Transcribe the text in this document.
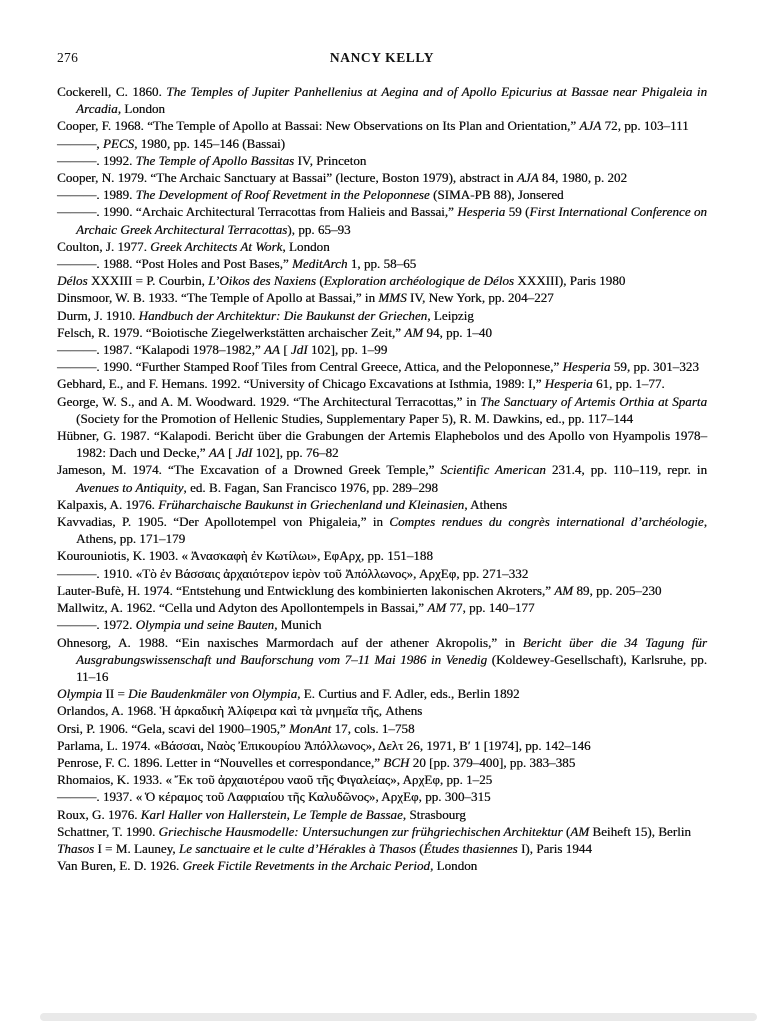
NANCY KELLY
276

Cockerell, C. 1860. The Temples of Jupiter Panhellenius at Aegina and of Apollo Epicurius at Bassae near Phigaleia in Arcadia, London

Cooper, F. 1968. “The Temple of Apollo at Bassai: New Observations on Its Plan and Orientation,” AJA 72, pp. 103–111

———, PECS, 1980, pp. 145–146 (Bassai)

———. 1992. The Temple of Apollo Bassitas IV, Princeton

Cooper, N. 1979. “The Archaic Sanctuary at Bassai” (lecture, Boston 1979), abstract in AJA 84, 1980, p. 202

———. 1989. The Development of Roof Revetment in the Peloponnese (SIMA-PB 88), Jonsered

———. 1990. “Archaic Architectural Terracottas from Halieis and Bassai,” Hesperia 59 (First International Conference on Archaic Greek Architectural Terracottas), pp. 65–93

Coulton, J. 1977. Greek Architects At Work, London

———. 1988. “Post Holes and Post Bases,” MeditArch 1, pp. 58–65

Délos XXXIII = P. Courbin, L’Oikos des Naxiens (Exploration archéologique de Délos XXXIII), Paris 1980

Dinsmoor, W. B. 1933. “The Temple of Apollo at Bassai,” in MMS IV, New York, pp. 204–227

Durm, J. 1910. Handbuch der Architektur: Die Baukunst der Griechen, Leipzig

Felsch, R. 1979. “Boiotische Ziegelwerkstätten archaischer Zeit,” AM 94, pp. 1–40

———. 1987. “Kalapodi 1978–1982,” AA [ JdI 102], pp. 1–99

———. 1990. “Further Stamped Roof Tiles from Central Greece, Attica, and the Peloponnese,” Hesperia 59, pp. 301–323

Gebhard, E., and F. Hemans. 1992. “University of Chicago Excavations at Isthmia, 1989: I,” Hesperia 61, pp. 1–77.

George, W. S., and A. M. Woodward. 1929. “The Architectural Terracottas,” in The Sanctuary of Artemis Orthia at Sparta (Society for the Promotion of Hellenic Studies, Supplementary Paper 5), R. M. Dawkins, ed., pp. 117–144

Hübner, G. 1987. “Kalapodi. Bericht über die Grabungen der Artemis Elaphebolos und des Apollo von Hyampolis 1978–1982: Dach und Decke,” AA [ JdI 102], pp. 76–82

Jameson, M. 1974. “The Excavation of a Drowned Greek Temple,” Scientific American 231.4, pp. 110–119, repr. in Avenues to Antiquity, ed. B. Fagan, San Francisco 1976, pp. 289–298

Kalpaxis, A. 1976. Früharchaische Baukunst in Griechenland und Kleinasien, Athens

Kavvadias, P. 1905. “Der Apollotempel von Phigaleia,” in Comptes rendues du congrès international d’archéologie, Athens, pp. 171–179

Kourouniotis, K. 1903. « Ἀνασκαφὴ ἐν Κωτίλωι», ΕφΑρχ, pp. 151–188

———. 1910. «Τὸ ἐν Βάσσαις ἀρχαιότερον ἱερὸν τοῦ Ἀπόλλωνος», ΑρχΕφ, pp. 271–332

Lauter-Bufè, H. 1974. “Entstehung und Entwicklung des kombinierten lakonischen Akroters,” AM 89, pp. 205–230

Mallwitz, A. 1962. “Cella und Adyton des Apollontempels in Bassai,” AM 77, pp. 140–177

———. 1972. Olympia und seine Bauten, Munich

Ohnesorg, A. 1988. “Ein naxisches Marmordach auf der athener Akropolis,” in Bericht über die 34 Tagung für Ausgrabungswissenschaft und Bauforschung vom 7–11 Mai 1986 in Venedig (Koldewey-Gesellschaft), Karlsruhe, pp. 11–16

Olympia II = Die Baudenkmäler von Olympia, E. Curtius and F. Adler, eds., Berlin 1892

Orlandos, A. 1968. Ἡ ἀρκαδικὴ Ἀλίφειρα καὶ τὰ μνημεῖα τῆς, Athens

Orsi, P. 1906. “Gela, scavi del 1900–1905,” MonAnt 17, cols. 1–758

Parlama, L. 1974. «Βάσσαι, Ναὸς Ἐπικουρίου Ἀπόλλωνος», Δελτ 26, 1971, Β′ 1 [1974], pp. 142–146

Penrose, F. C. 1896. Letter in “Nouvelles et correspondance,” BCH 20 [pp. 379–400], pp. 383–385

Rhomaios, K. 1933. « Ἔκ τοῦ ἀρχαιοτέρου ναοῦ τῆς Φιγαλείας», ΑρχΕφ, pp. 1–25

———. 1937. « Ὁ κέραμος τοῦ Λαφριαίου τῆς Καλυδῶνος», ΑρχΕφ, pp. 300–315

Roux, G. 1976. Karl Haller von Hallerstein, Le Temple de Bassae, Strasbourg

Schattner, T. 1990. Griechische Hausmodelle: Untersuchungen zur frühgriechischen Architektur (AM Beiheft 15), Berlin

Thasos I = M. Launey, Le sanctuaire et le culte d’Hérakles à Thasos (Études thasiennes I), Paris 1944

Van Buren, E. D. 1926. Greek Fictile Revetments in the Archaic Period, London
